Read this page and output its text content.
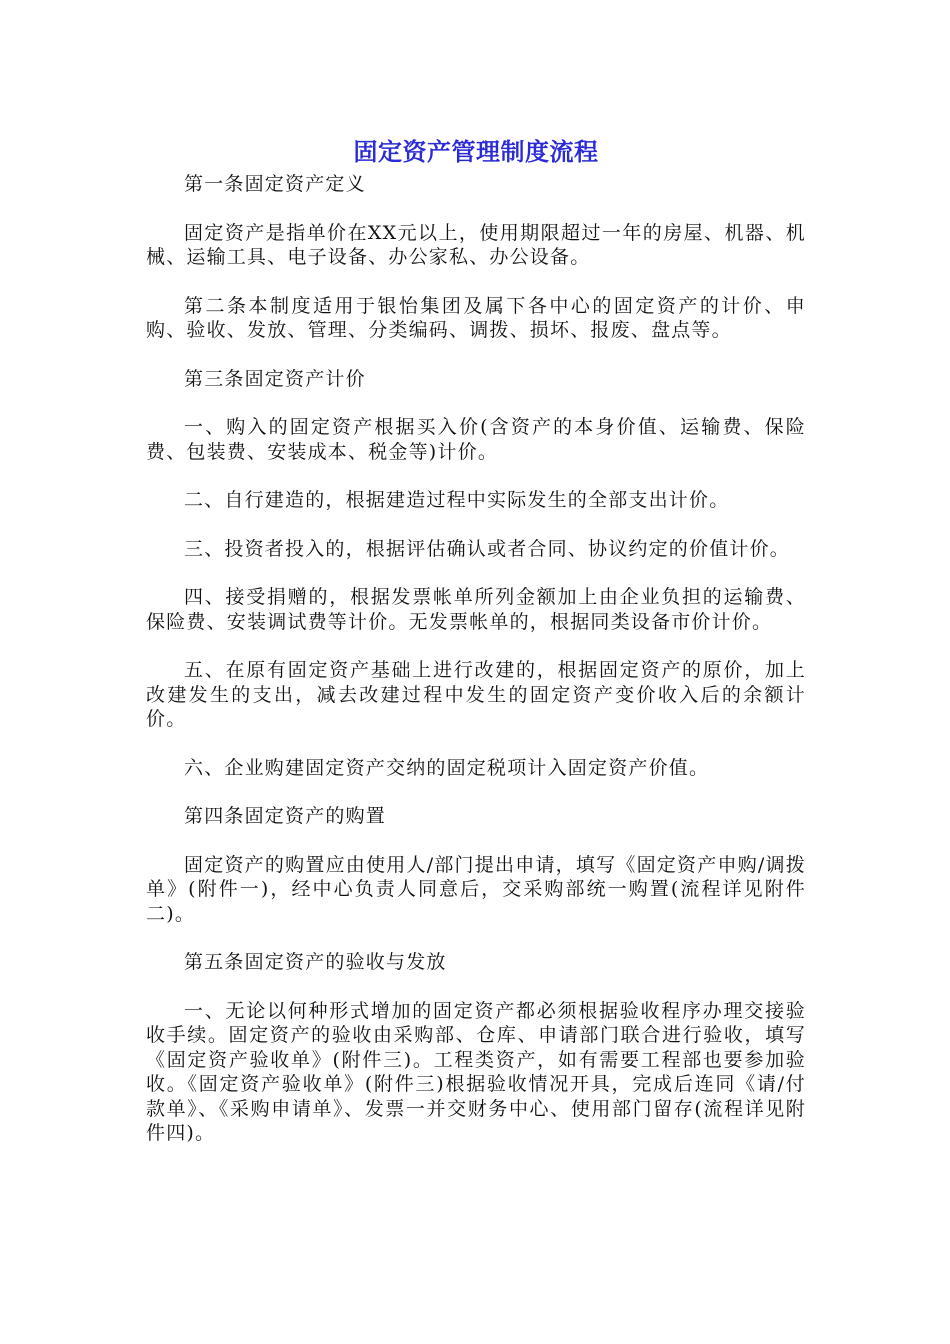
固定资产管理制度流程

第一条固定资产定义

固定资产是指单价在XX元以上，使用期限超过一年的房屋、机器、机械、运输工具、电子设备、办公家私、办公设备。

第二条本制度适用于银怡集团及属下各中心的固定资产的计价、申购、验收、发放、管理、分类编码、调拨、损坏、报废、盘点等。

第三条固定资产计价

一、购入的固定资产根据买入价(含资产的本身价值、运输费、保险费、包装费、安装成本、税金等)计价。

二、自行建造的，根据建造过程中实际发生的全部支出计价。

三、投资者投入的，根据评估确认或者合同、协议约定的价值计价。

四、接受捐赠的，根据发票帐单所列金额加上由企业负担的运输费、保险费、安装调试费等计价。无发票帐单的，根据同类设备市价计价。

五、在原有固定资产基础上进行改建的，根据固定资产的原价，加上改建发生的支出，减去改建过程中发生的固定资产变价收入后的余额计价。

六、企业购建固定资产交纳的固定税项计入固定资产价值。

第四条固定资产的购置

固定资产的购置应由使用人/部门提出申请，填写《固定资产申购/调拨单》(附件一)，经中心负责人同意后，交采购部统一购置(流程详见附件二)。

第五条固定资产的验收与发放

一、无论以何种形式增加的固定资产都必须根据验收程序办理交接验收手续。固定资产的验收由采购部、仓库、申请部门联合进行验收，填写《固定资产验收单》(附件三)。工程类资产，如有需要工程部也要参加验收。《固定资产验收单》(附件三)根据验收情况开具，完成后连同《请/付款单》、《采购申请单》、发票一并交财务中心、使用部门留存(流程详见附件四)。
